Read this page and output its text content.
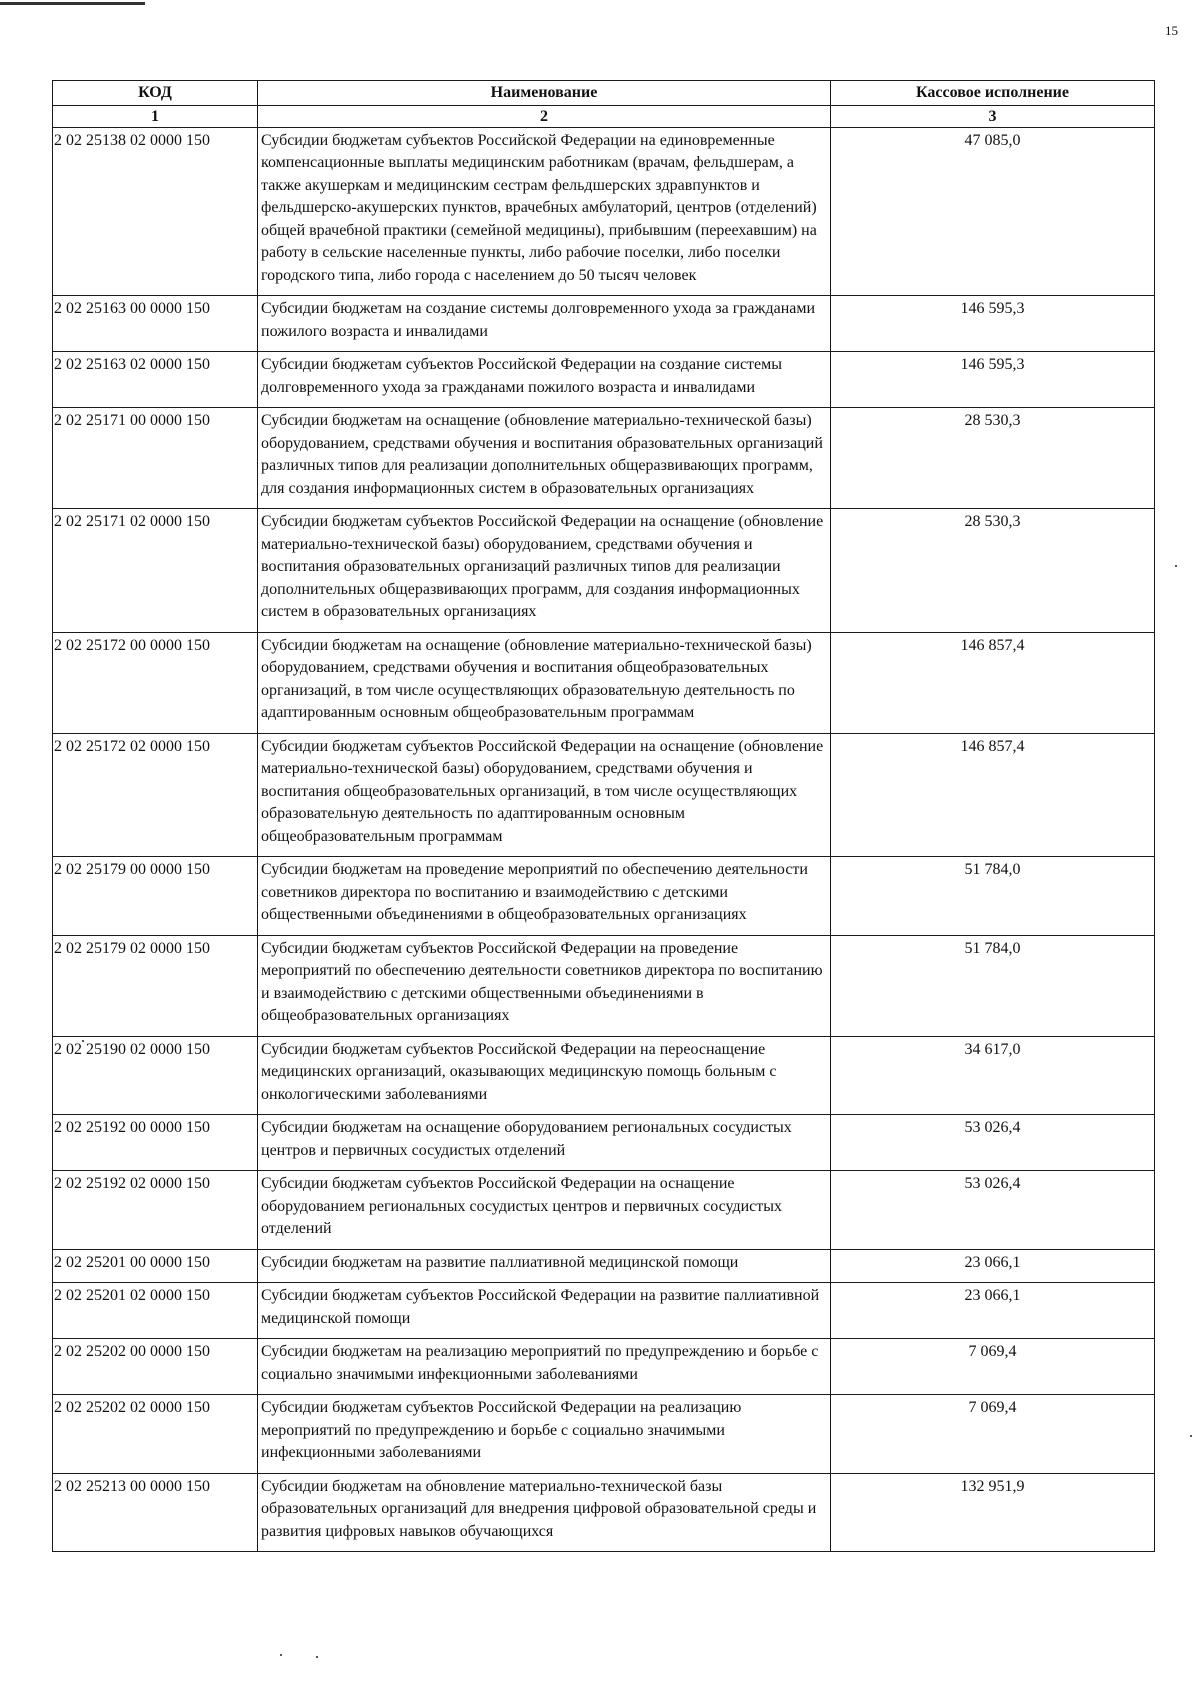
15
КОД	Наименование	Кассовое исполнение
1	2	3
2 02 25138 02 0000 150	Субсидии бюджетам субъектов Российской Федерации на единовременные компенсационные выплаты медицинским работникам (врачам, фельдшерам, а также акушеркам и медицинским сестрам фельдшерских здравпунктов и фельдшерско-акушерских пунктов, врачебных амбулаторий, центров (отделений) общей врачебной практики (семейной медицины), прибывшим (переехавшим) на работу в сельские населенные пункты, либо рабочие поселки, либо поселки городского типа, либо города с населением до 50 тысяч человек	47 085,0
2 02 25163 00 0000 150	Субсидии бюджетам на создание системы долговременного ухода за гражданами пожилого возраста и инвалидами	146 595,3
2 02 25163 02 0000 150	Субсидии бюджетам субъектов Российской Федерации на создание системы долговременного ухода за гражданами пожилого возраста и инвалидами	146 595,3
2 02 25171 00 0000 150	Субсидии бюджетам на оснащение (обновление материально-технической базы) оборудованием, средствами обучения и воспитания образовательных организаций различных типов для реализации дополнительных общеразвивающих программ, для создания информационных систем в образовательных организациях	28 530,3
2 02 25171 02 0000 150	Субсидии бюджетам субъектов Российской Федерации на оснащение (обновление материально-технической базы) оборудованием, средствами обучения и воспитания образовательных организаций различных типов для реализации дополнительных общеразвивающих программ, для создания информационных систем в образовательных организациях	28 530,3
2 02 25172 00 0000 150	Субсидии бюджетам на оснащение (обновление материально-технической базы) оборудованием, средствами обучения и воспитания общеобразовательных организаций, в том числе осуществляющих образовательную деятельность по адаптированным основным общеобразовательным программам	146 857,4
2 02 25172 02 0000 150	Субсидии бюджетам субъектов Российской Федерации на оснащение (обновление материально-технической базы) оборудованием, средствами обучения и воспитания общеобразовательных организаций, в том числе осуществляющих образовательную деятельность по адаптированным основным общеобразовательным программам	146 857,4
2 02 25179 00 0000 150	Субсидии бюджетам на проведение мероприятий по обеспечению деятельности советников директора по воспитанию и взаимодействию с детскими общественными объединениями в общеобразовательных организациях	51 784,0
2 02 25179 02 0000 150	Субсидии бюджетам субъектов Российской Федерации на проведение мероприятий по обеспечению деятельности советников директора по воспитанию и взаимодействию с детскими общественными объединениями в общеобразовательных организациях	51 784,0
2 02 25190 02 0000 150	Субсидии бюджетам субъектов Российской Федерации на переоснащение медицинских организаций, оказывающих медицинскую помощь больным с онкологическими заболеваниями	34 617,0
2 02 25192 00 0000 150	Субсидии бюджетам на оснащение оборудованием региональных сосудистых центров и первичных сосудистых отделений	53 026,4
2 02 25192 02 0000 150	Субсидии бюджетам субъектов Российской Федерации на оснащение оборудованием региональных сосудистых центров и первичных сосудистых отделений	53 026,4
2 02 25201 00 0000 150	Субсидии бюджетам на развитие паллиативной медицинской помощи	23 066,1
2 02 25201 02 0000 150	Субсидии бюджетам субъектов Российской Федерации на развитие паллиативной медицинской помощи	23 066,1
2 02 25202 00 0000 150	Субсидии бюджетам на реализацию мероприятий по предупреждению и борьбе с социально значимыми инфекционными заболеваниями	7 069,4
2 02 25202 02 0000 150	Субсидии бюджетам субъектов Российской Федерации на реализацию мероприятий по предупреждению и борьбе с социально значимыми инфекционными заболеваниями	7 069,4
2 02 25213 00 0000 150	Субсидии бюджетам на обновление материально-технической базы образовательных организаций для внедрения цифровой образовательной среды и развития цифровых навыков обучающихся	132 951,9
